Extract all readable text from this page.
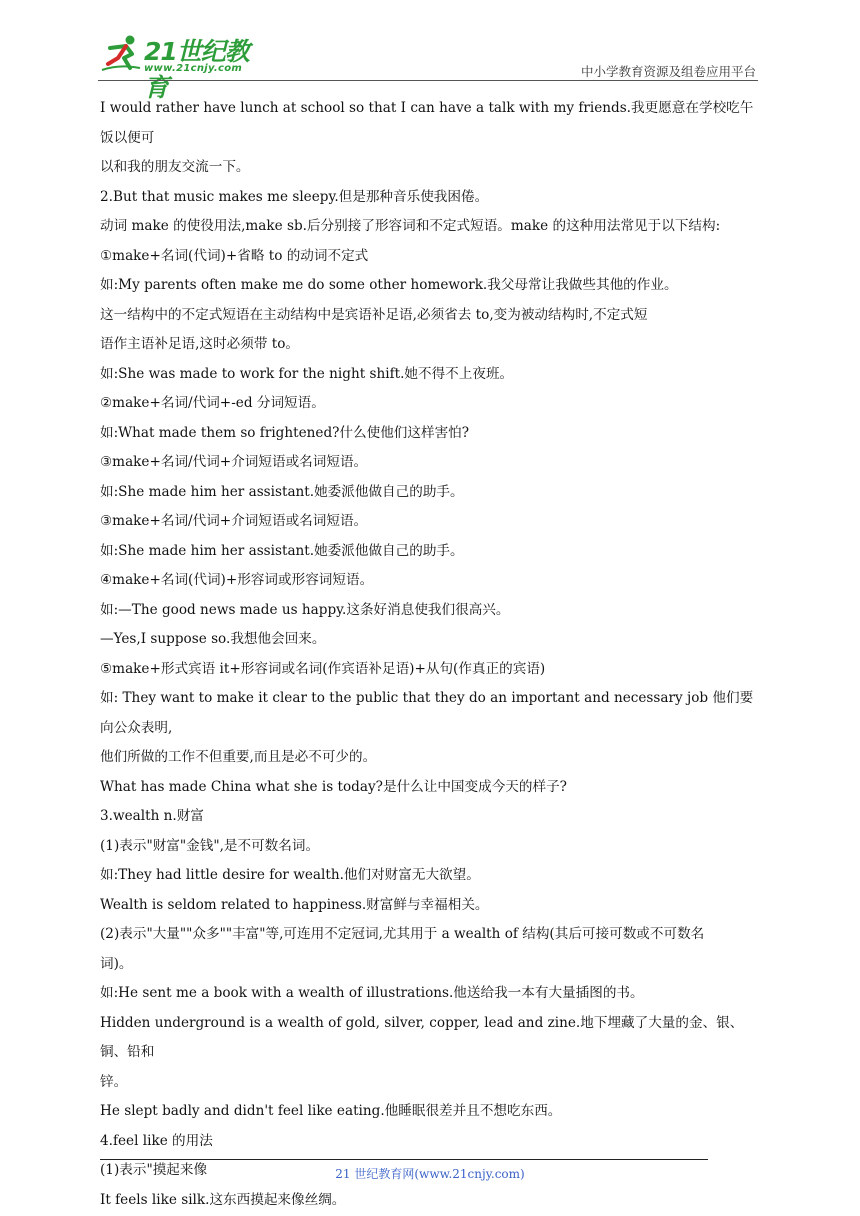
21世纪教育
www.21cnjy.com	中小学教育资源及组卷应用平台

I would rather have lunch at school so that I can have a talk with my friends.我更愿意在学校吃午饭以便可

以和我的朋友交流一下。

2.But that music makes me sleepy.但是那种音乐使我困倦。

动词 make 的使役用法,make sb.后分别接了形容词和不定式短语。make 的这种用法常见于以下结构:

①make+名词(代词)+省略 to 的动词不定式

如:My parents often make me do some other homework.我父母常让我做些其他的作业。

这一结构中的不定式短语在主动结构中是宾语补足语,必须省去 to,变为被动结构时,不定式短

语作主语补足语,这时必须带 to。

如:She was made to work for the night shift.她不得不上夜班。

②make+名词/代词+-ed 分词短语。

如:What made them so frightened?什么使他们这样害怕?

③make+名词/代词+介词短语或名词短语。

如:She made him her assistant.她委派他做自己的助手。

③make+名词/代词+介词短语或名词短语。

如:She made him her assistant.她委派他做自己的助手。

④make+名词(代词)+形容词或形容词短语。

如:—The good news made us happy.这条好消息使我们很高兴。

—Yes,I suppose so.我想他会回来。

⑤make+形式宾语 it+形容词或名词(作宾语补足语)+从句(作真正的宾语)

如: They want to make it clear to the public that they do an important and necessary job 他们要向公众表明,

他们所做的工作不但重要,而且是必不可少的。

What has made China what she is today?是什么让中国变成今天的样子?

3.wealth n.财富

(1)表示"财富"金钱",是不可数名词。

如:They had little desire for wealth.他们对财富无大欲望。

Wealth is seldom related to happiness.财富鲜与幸福相关。

(2)表示"大量""众多""丰富"等,可连用不定冠词,尤其用于 a wealth of 结构(其后可接可数或不可数名

词)。

如:He sent me a book with a wealth of illustrations.他送给我一本有大量插图的书。

Hidden underground is a wealth of gold, silver, copper, lead and zine.地下埋藏了大量的金、银、铜、铅和

锌。

He slept badly and didn't feel like eating.他睡眠很差并且不想吃东西。

4.feel like 的用法

(1)表示"摸起来像

It feels like silk.这东西摸起来像丝绸。

21 世纪教育网(www.21cnjy.com)
